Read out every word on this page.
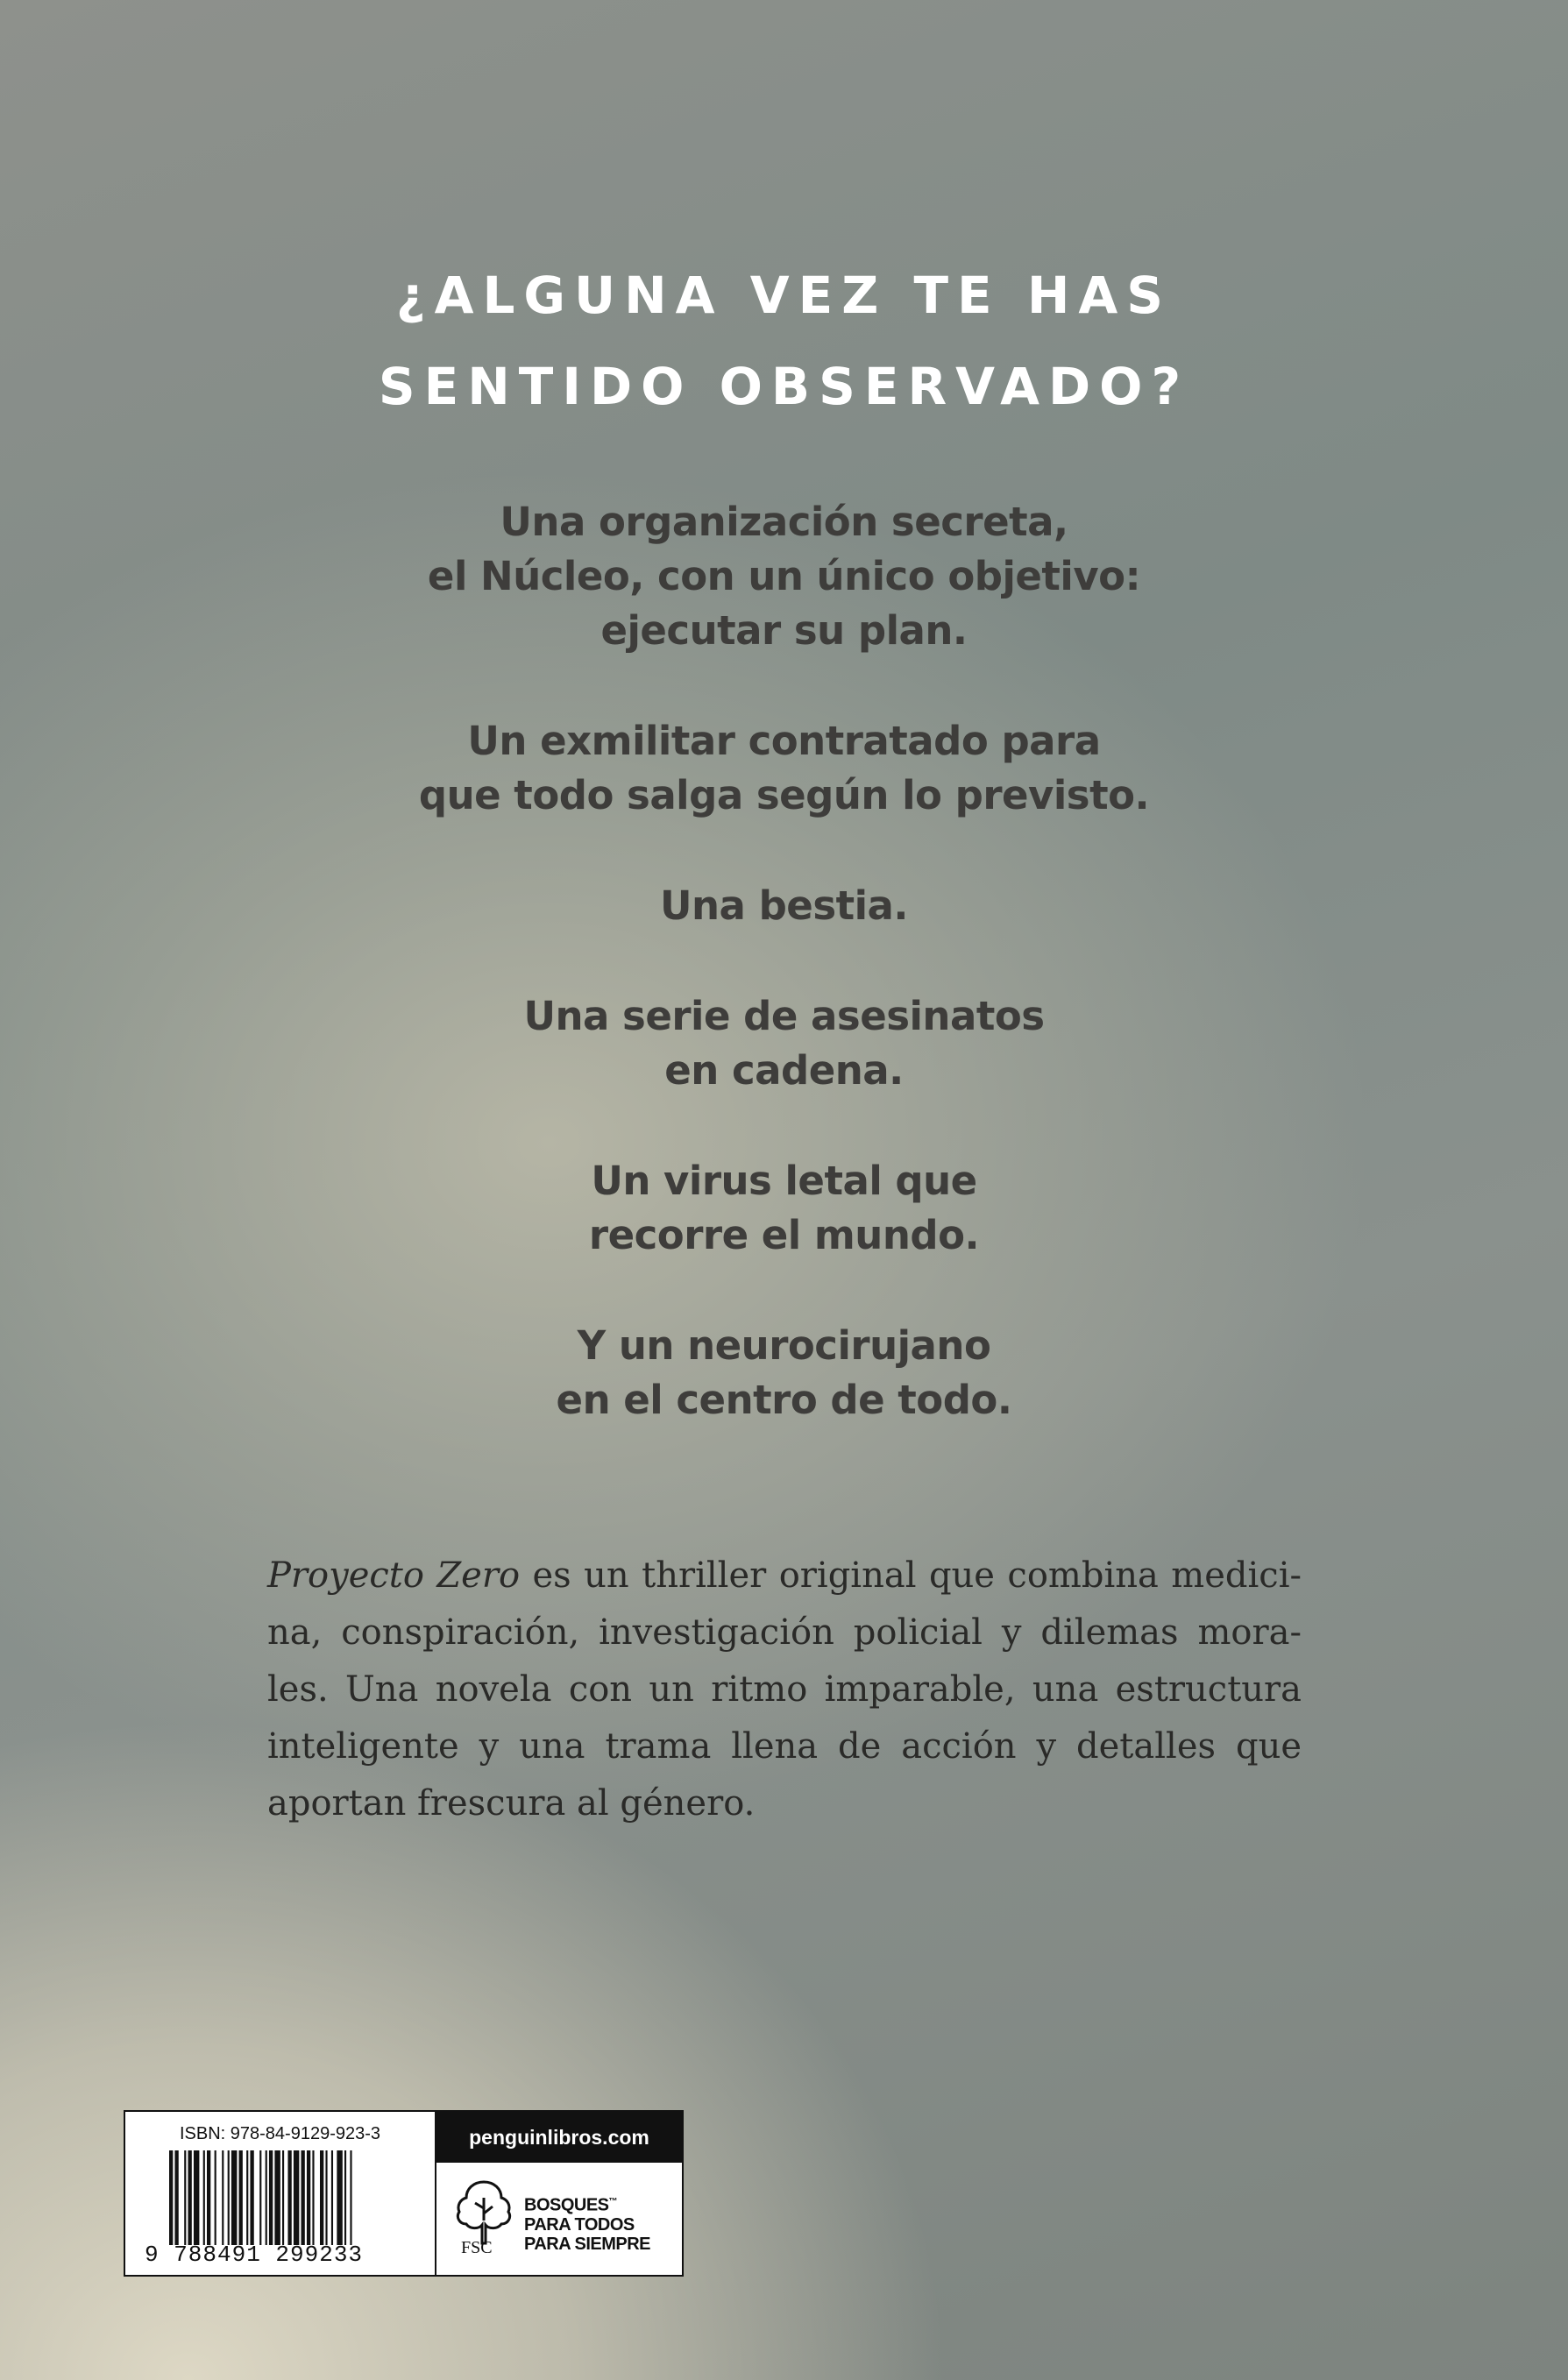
¿ALGUNA VEZ TE HAS
SENTIDO OBSERVADO?
Una organización secreta,
el Núcleo, con un único objetivo:
ejecutar su plan.
Un exmilitar contratado para
que todo salga según lo previsto.
Una bestia.
Una serie de asesinatos
en cadena.
Un virus letal que
recorre el mundo.
Y un neurocirujano
en el centro de todo.
Proyecto Zero es un thriller original que combina medici-
na, conspiración, investigación policial y dilemas mora-
les. Una novela con un ritmo imparable, una estructura
inteligente y una trama llena de acción y detalles que
aportan frescura al género.
ISBN: 978-84-9129-923-3
9 788491 299233
penguinlibros.com
FSC
BOSQUES™
PARA TODOS
PARA SIEMPRE
